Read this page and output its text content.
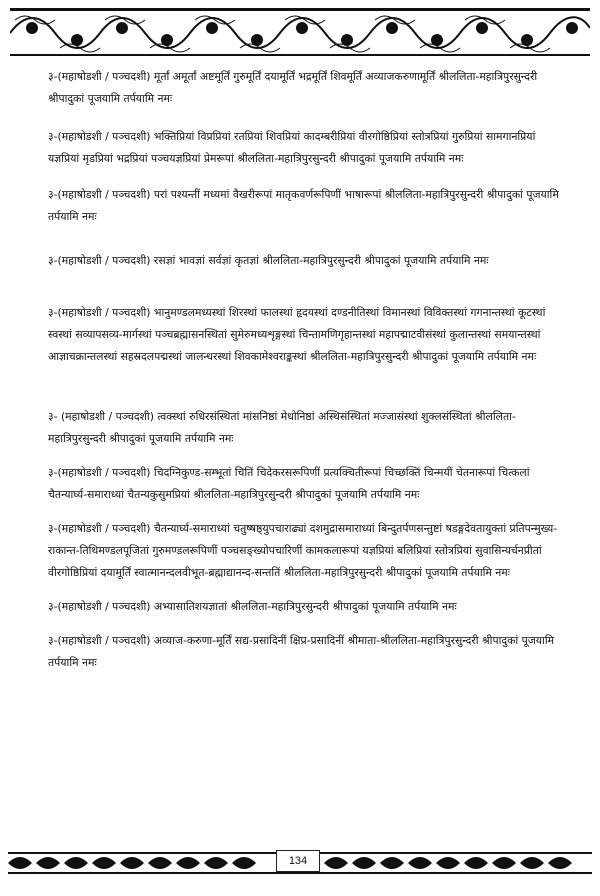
३-(महाषोडशी / पञ्चदशी) मूर्तां अमूर्तां अष्टमूर्तिं गुरुमूर्तिं दयामूर्तिं भद्रमूर्तिं शिवमूर्तिं अव्याजकरुणामूर्तिं श्रीललिता-महात्रिपुरसुन्दरी श्रीपादुकां पूजयामि तर्पयामि नमः

३-(महाषोडशी / पञ्चदशी) भक्तिप्रियां विप्रप्रियां रतप्रियां शिवप्रियां कादम्बरीप्रियां वीरगोष्ठिप्रियां स्तोत्रप्रियां गुरुप्रियां सामगानप्रियां यज्ञप्रियां मृडप्रियां भद्रप्रियां पञ्चयज्ञप्रियां प्रेमरूपां श्रीललिता-महात्रिपुरसुन्दरी श्रीपादुकां पूजयामि तर्पयामि नमः

३-(महाषोडशी / पञ्चदशी) परां पश्यन्तीं मध्यमां वैखरीरूपां मातृकवर्णरूपिणीं भाषारूपां श्रीललिता-महात्रिपुरसुन्दरी श्रीपादुकां पूजयामि तर्पयामि नमः

३-(महाषोडशी / पञ्चदशी) रसज्ञां भावज्ञां सर्वज्ञां कृतज्ञां श्रीललिता-महात्रिपुरसुन्दरी श्रीपादुकां पूजयामि तर्पयामि नमः

३-(महाषोडशी / पञ्चदशी) भानुमण्डलमध्यस्थां शिरस्थां फालस्थां हृदयस्थां दण्डनीतिस्थां विमानस्थां विविक्तस्थां गगनान्तस्थां कूटस्थां स्वस्थां सव्यापसव्य-मार्गस्थां पञ्चब्रह्मासनस्थितां सुमेरुमध्यशृङ्गस्थां चिन्तामणिगृहान्तस्थां महापद्माटवीसंस्थां कुलान्तस्थां समयान्तस्थां आज्ञाचक्रान्तलस्थां सहस्रदलपद्मस्थां जालन्धरस्थां शिवकामेश्वराङ्कस्थां श्रीललिता-महात्रिपुरसुन्दरी श्रीपादुकां पूजयामि तर्पयामि नमः

३- (महाषोडशी / पञ्चदशी) त्वक्स्थां रुधिरसंस्थितां मांसनिष्ठां मेधोनिष्ठां अस्थिसंस्थितां मज्जासंस्थां शुक्लसंस्थितां श्रीललिता-महात्रिपुरसुन्दरी श्रीपादुकां पूजयामि तर्पयामि नमः

३-(महाषोडशी / पञ्चदशी) चिदग्निकुण्ड-सम्भूतां चितिं चिदेकरसरूपिणीं प्रत्यक्चितीरूपां चिच्छक्तिं चिन्मयीं चेतनारूपां चित्कलां चैतन्यार्घ्य-समाराध्यां चैतन्यकुसुमप्रियां श्रीललिता-महात्रिपुरसुन्दरी श्रीपादुकां पूजयामि तर्पयामि नमः

३-(महाषोडशी / पञ्चदशी) चैतन्यार्घ्य-समाराध्यां चतुष्षष्ठ्युपचाराढ्यां दशमुद्रासमाराध्यां बिन्दुतर्पणसन्तुष्टां षडङ्गदेवतायुक्तां प्रतिपन्मुख्य-राकान्त-तिथिमण्डलपूजितां गुरुमण्डलरूपिणीं पञ्चसङ्ख्योपचारिणीं कामकलारूपां यज्ञप्रियां बलिप्रियां स्तोत्रप्रियां सुवासिन्यर्चनप्रीतां वीरगोष्ठिप्रियां दयामूर्तिं स्वात्मानन्दलवीभूत-ब्रह्माद्यानन्द-सन्ततिं श्रीललिता-महात्रिपुरसुन्दरी श्रीपादुकां पूजयामि तर्पयामि नमः

३-(महाषोडशी / पञ्चदशी) अभ्यासातिशयज्ञातां श्रीललिता-महात्रिपुरसुन्दरी श्रीपादुकां पूजयामि तर्पयामि नमः

३-(महाषोडशी / पञ्चदशी) अव्याज-करुणा-मूर्तिं सद्य-प्रसादिनीं क्षिप्र-प्रसादिनीं श्रीमाता-श्रीललिता-महात्रिपुरसुन्दरी श्रीपादुकां पूजयामि तर्पयामि नमः

134
